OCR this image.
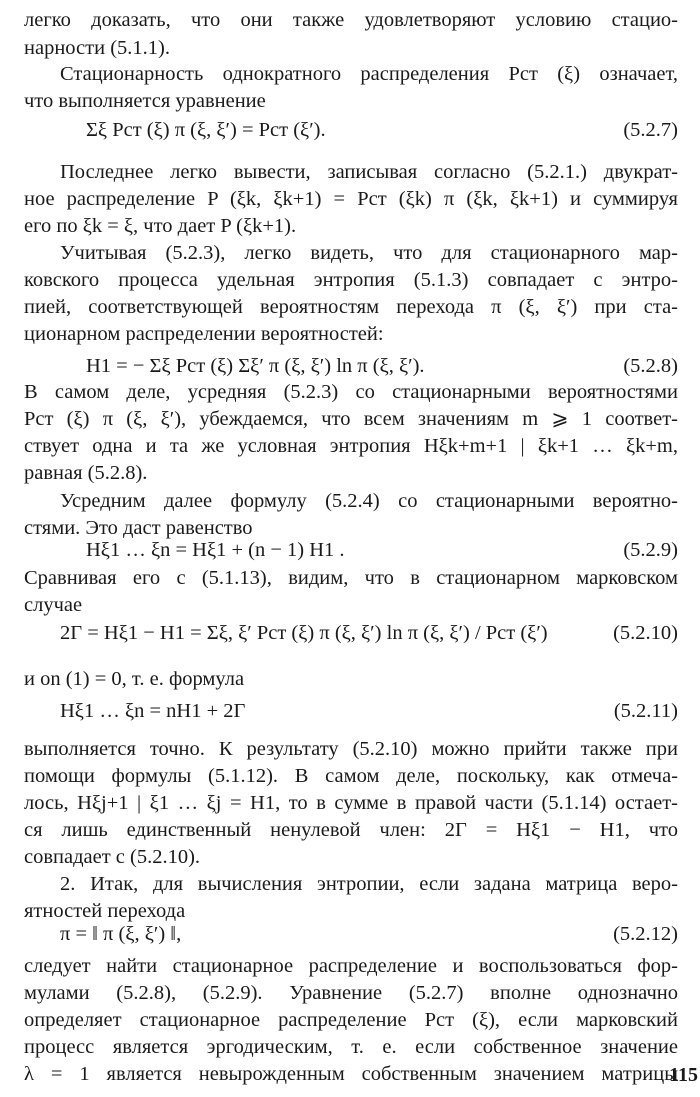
легко доказать, что они также удовлетворяют условию стацио-
нарности (5.1.1).
Стационарность однократного распределения Pст (ξ) означает,
что выполняется уравнение
Σξ Pст (ξ) π (ξ, ξ′) = Pст (ξ′).	(5.2.7)
Последнее легко вывести, записывая согласно (5.2.1.) двукрат-
ное распределение P (ξk, ξk+1) = Pст (ξk) π (ξk, ξk+1) и суммируя
его по ξk = ξ, что дает P (ξk+1).
Учитывая (5.2.3), легко видеть, что для стационарного мар-
ковского процесса удельная энтропия (5.1.3) совпадает с энтро-
пией, соответствующей вероятностям перехода π (ξ, ξ′) при ста-
ционарном распределении вероятностей:
H1 = − Σξ Pст (ξ) Σξ′ π (ξ, ξ′) ln π (ξ, ξ′).	(5.2.8)
В самом деле, усредняя (5.2.3) со стационарными вероятностями
Pст (ξ) π (ξ, ξ′), убеждаемся, что всем значениям m ⩾ 1 соответ-
ствует одна и та же условная энтропия Hξk+m+1 | ξk+1 … ξk+m,
равная (5.2.8).
Усредним далее формулу (5.2.4) со стационарными вероятно-
стями. Это даст равенство
Hξ1 … ξn = Hξ1 + (n − 1) H1 .	(5.2.9)
Сравнивая его с (5.1.13), видим, что в стационарном марковском
случае
2Γ = Hξ1 − H1 = Σξ, ξ′ Pст (ξ) π (ξ, ξ′) ln π (ξ, ξ′) / Pст (ξ′)	(5.2.10)
и on (1) = 0, т. е. формула
Hξ1 … ξn = nH1 + 2Γ	(5.2.11)
выполняется точно. К результату (5.2.10) можно прийти также при
помощи формулы (5.1.12). В самом деле, поскольку, как отмеча-
лось, Hξj+1 | ξ1 … ξj = H1, то в сумме в правой части (5.1.14) остает-
ся лишь единственный ненулевой член: 2Γ = Hξ1 − H1, что
совпадает с (5.2.10).
2. Итак, для вычисления энтропии, если задана матрица веро-
ятностей перехода
π = ‖ π (ξ, ξ′) ‖,	(5.2.12)
следует найти стационарное распределение и воспользоваться фор-
мулами (5.2.8), (5.2.9). Уравнение (5.2.7) вполне однозначно
определяет стационарное распределение Pст (ξ), если марковский
процесс является эргодическим, т. е. если собственное значение
λ = 1 является невырожденным собственным значением матрицы
115
